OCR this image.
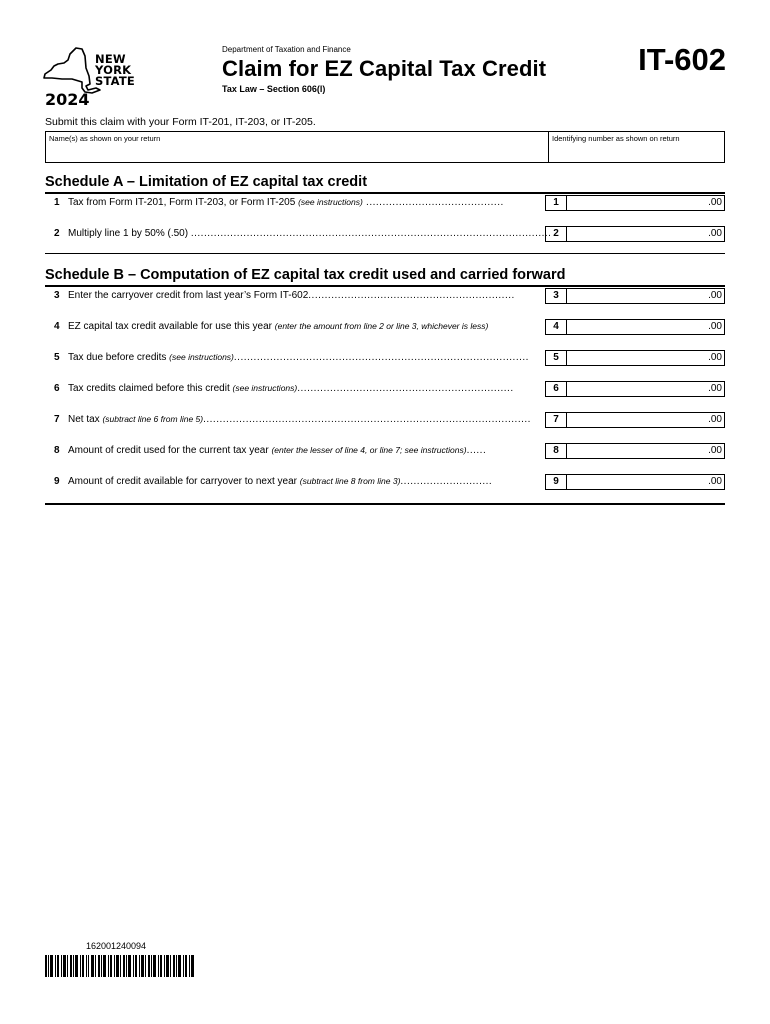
NEW
YORK
STATE
2024
Department of Taxation and Finance
Claim for EZ Capital Tax Credit
Tax Law – Section 606(l)
IT-602
Submit this claim with your Form IT-201, IT-203, or IT-205.
Name(s) as shown on your return	Identifying number as shown on return
Schedule A – Limitation of EZ capital tax credit
1 Tax from Form IT-201, Form IT-203, or Form IT-205 (see instructions) ..........................................	1	.00
2 Multiply line 1 by 50% (.50) .............................................................................................................. 2	.00
Schedule B – Computation of EZ capital tax credit used and carried forward
3 Enter the carryover credit from last year’s Form IT-602...............................................................	3	.00
4 EZ capital tax credit available for use this year (enter the amount from line 2 or line 3, whichever is less)	4	.00
5 Tax due before credits (see instructions)..........................................................................................	5	.00
6 Tax credits claimed before this credit (see instructions)..................................................................	6	.00
7 Net tax (subtract line 6 from line 5)....................................................................................................	7	.00
8 Amount of credit used for the current tax year (enter the lesser of line 4, or line 7; see instructions)......	8	.00
9 Amount of credit available for carryover to next year (subtract line 8 from line 3)............................	9	.00
162001240094
